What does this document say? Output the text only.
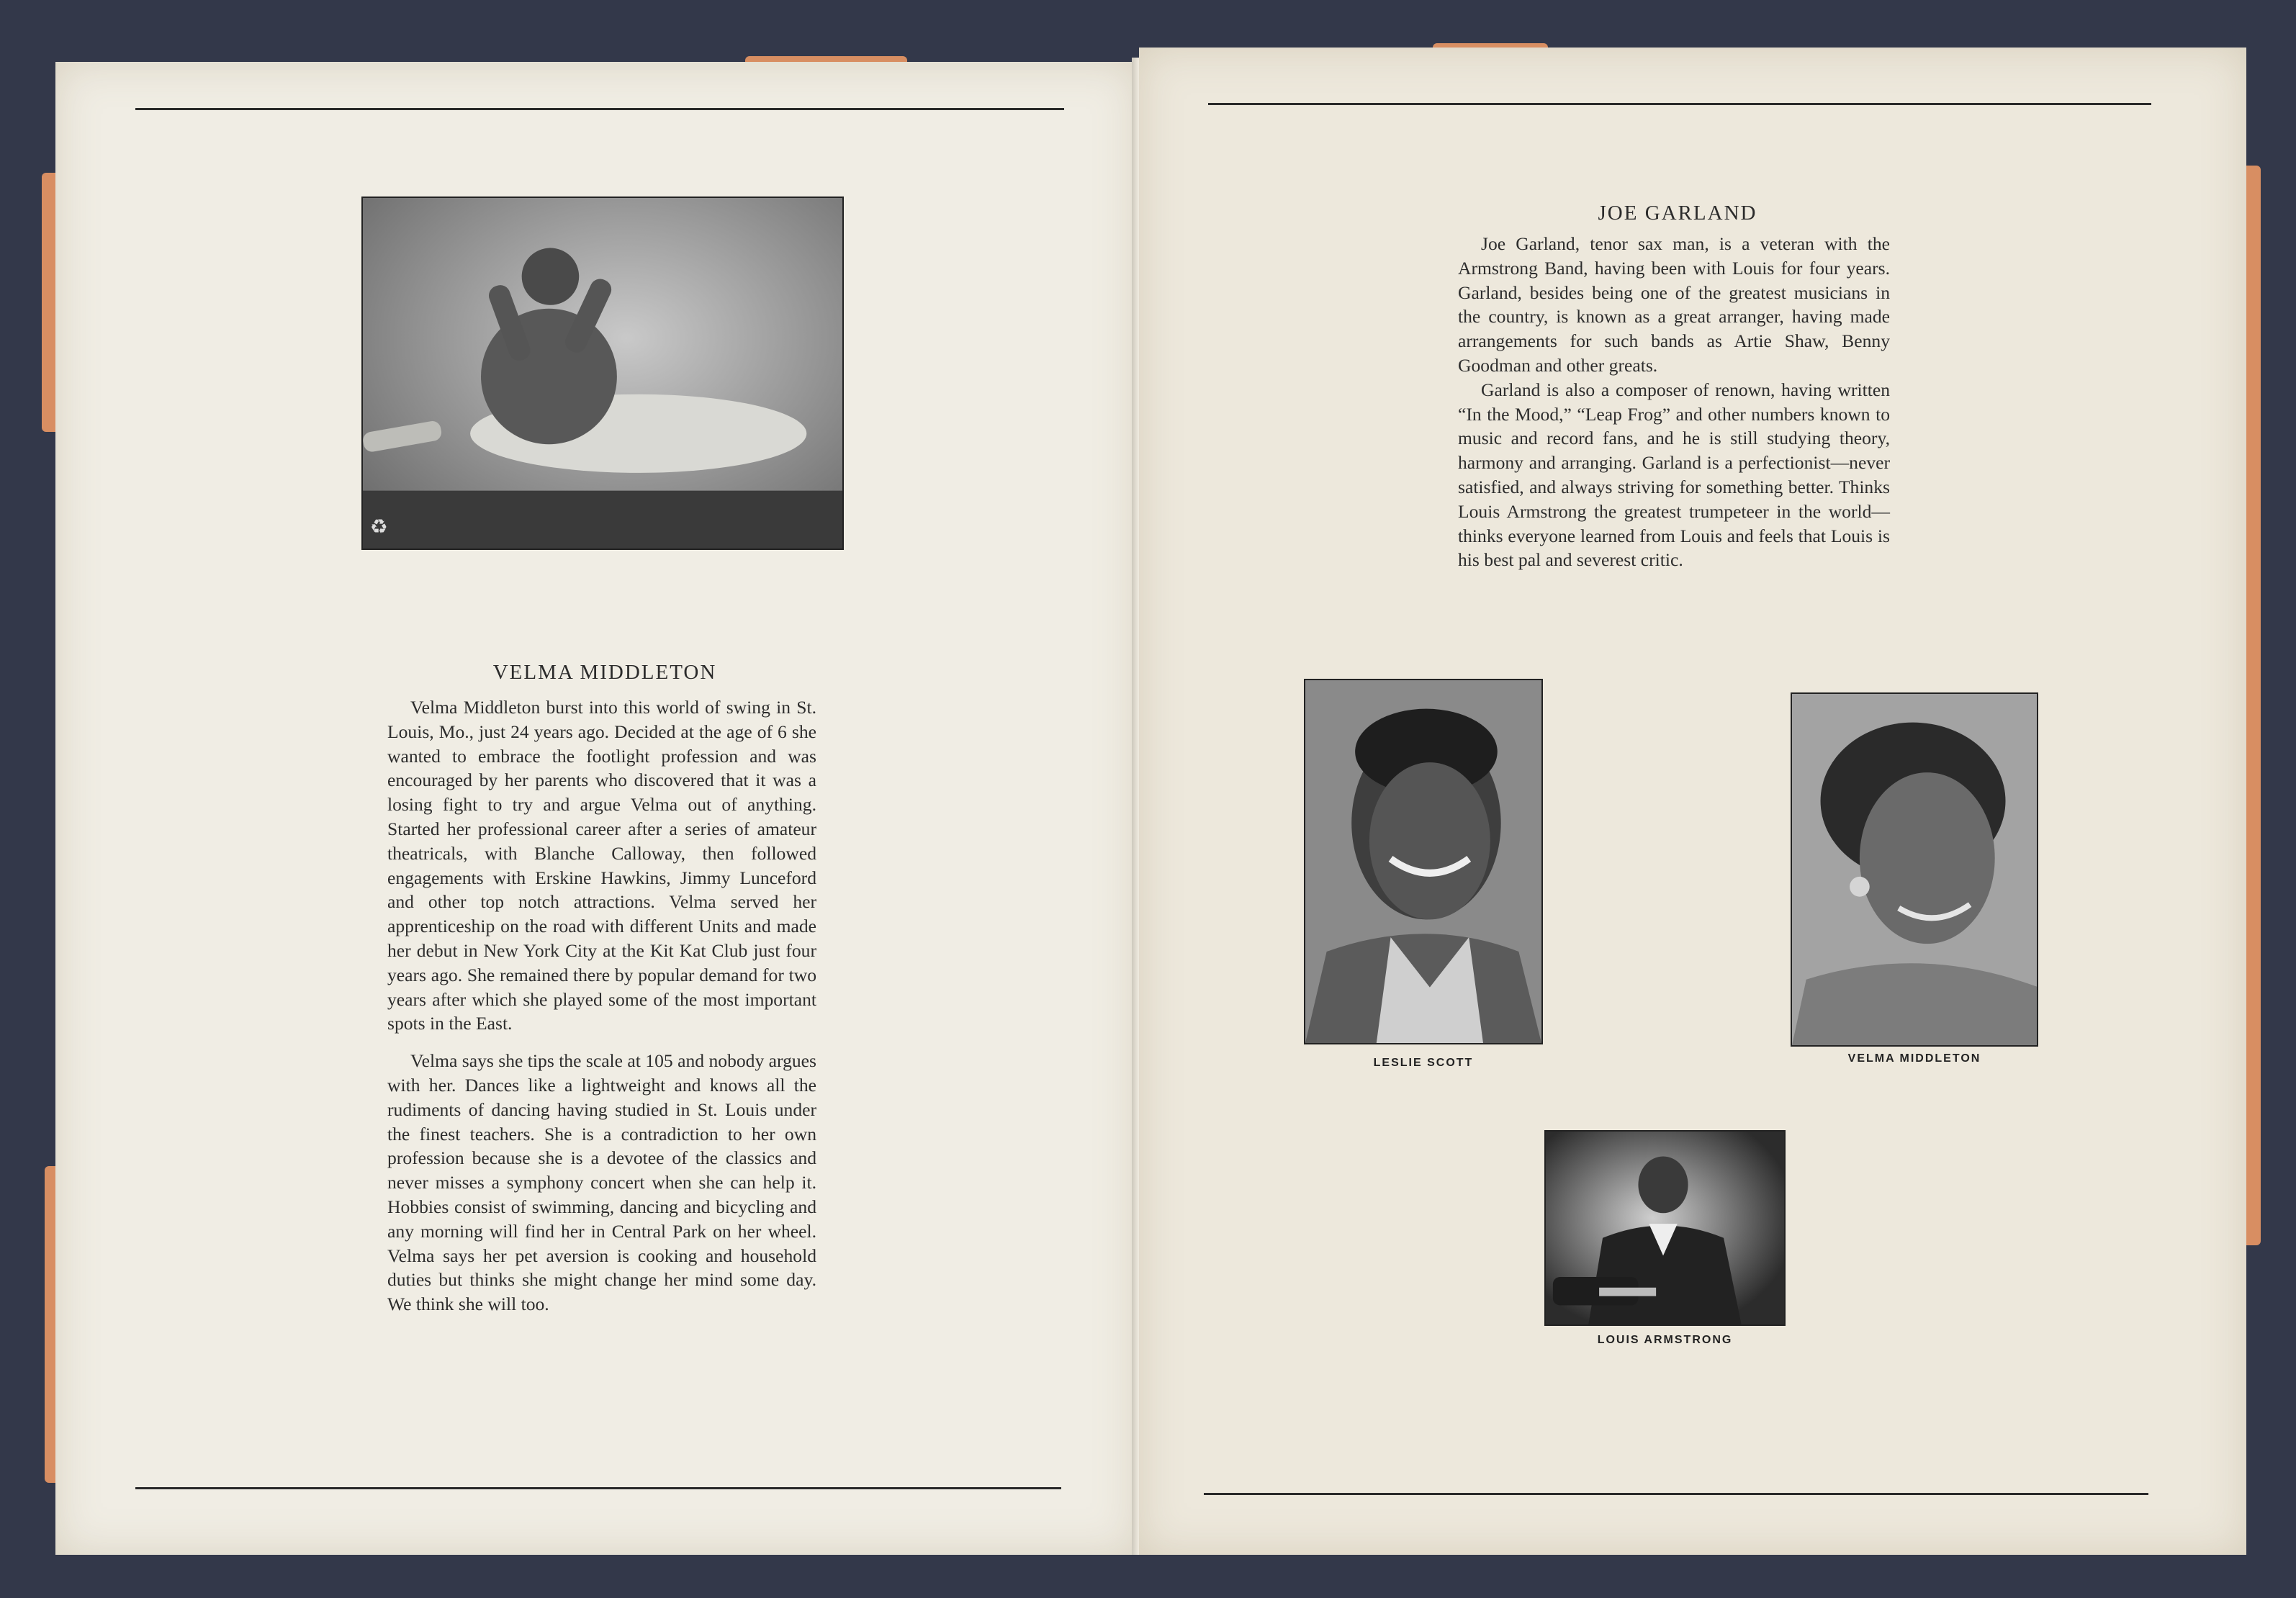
♻
VELMA MIDDLETON

Velma Middleton burst into this world of swing in St. Louis, Mo., just 24 years ago. Decided at the age of 6 she wanted to embrace the footlight profession and was encouraged by her parents who discovered that it was a losing fight to try and argue Velma out of anything. Started her professional career after a series of amateur theatricals, with Blanche Calloway, then followed engagements with Erskine Hawkins, Jimmy Lunceford and other top notch attractions. Velma served her apprenticeship on the road with different Units and made her debut in New York City at the Kit Kat Club just four years ago. She remained there by popular demand for two years after which she played some of the most important spots in the East.

Velma says she tips the scale at 105 and nobody argues with her. Dances like a lightweight and knows all the rudiments of dancing having studied in St. Louis under the finest teachers. She is a contradiction to her own profession because she is a devotee of the classics and never misses a symphony concert when she can help it. Hobbies consist of swimming, dancing and bicycling and any morning will find her in Central Park on her wheel. Velma says her pet aversion is cooking and household duties but thinks she might change her mind some day. We think she will too.

JOE GARLAND

Joe Garland, tenor sax man, is a veteran with the Armstrong Band, having been with Louis for four years. Garland, besides being one of the greatest musicians in the country, is known as a great arranger, having made arrangements for such bands as Artie Shaw, Benny Goodman and other greats.

Garland is also a composer of renown, having written “In the Mood,” “Leap Frog” and other numbers known to music and record fans, and he is still studying theory, harmony and arranging. Garland is a perfectionist—never satisfied, and always striving for something better. Thinks Louis Armstrong the greatest trumpeteer in the world—thinks everyone learned from Louis and feels that Louis is his best pal and severest critic.

LESLIE SCOTT	VELMA MIDDLETON
LOUIS ARMSTRONG
